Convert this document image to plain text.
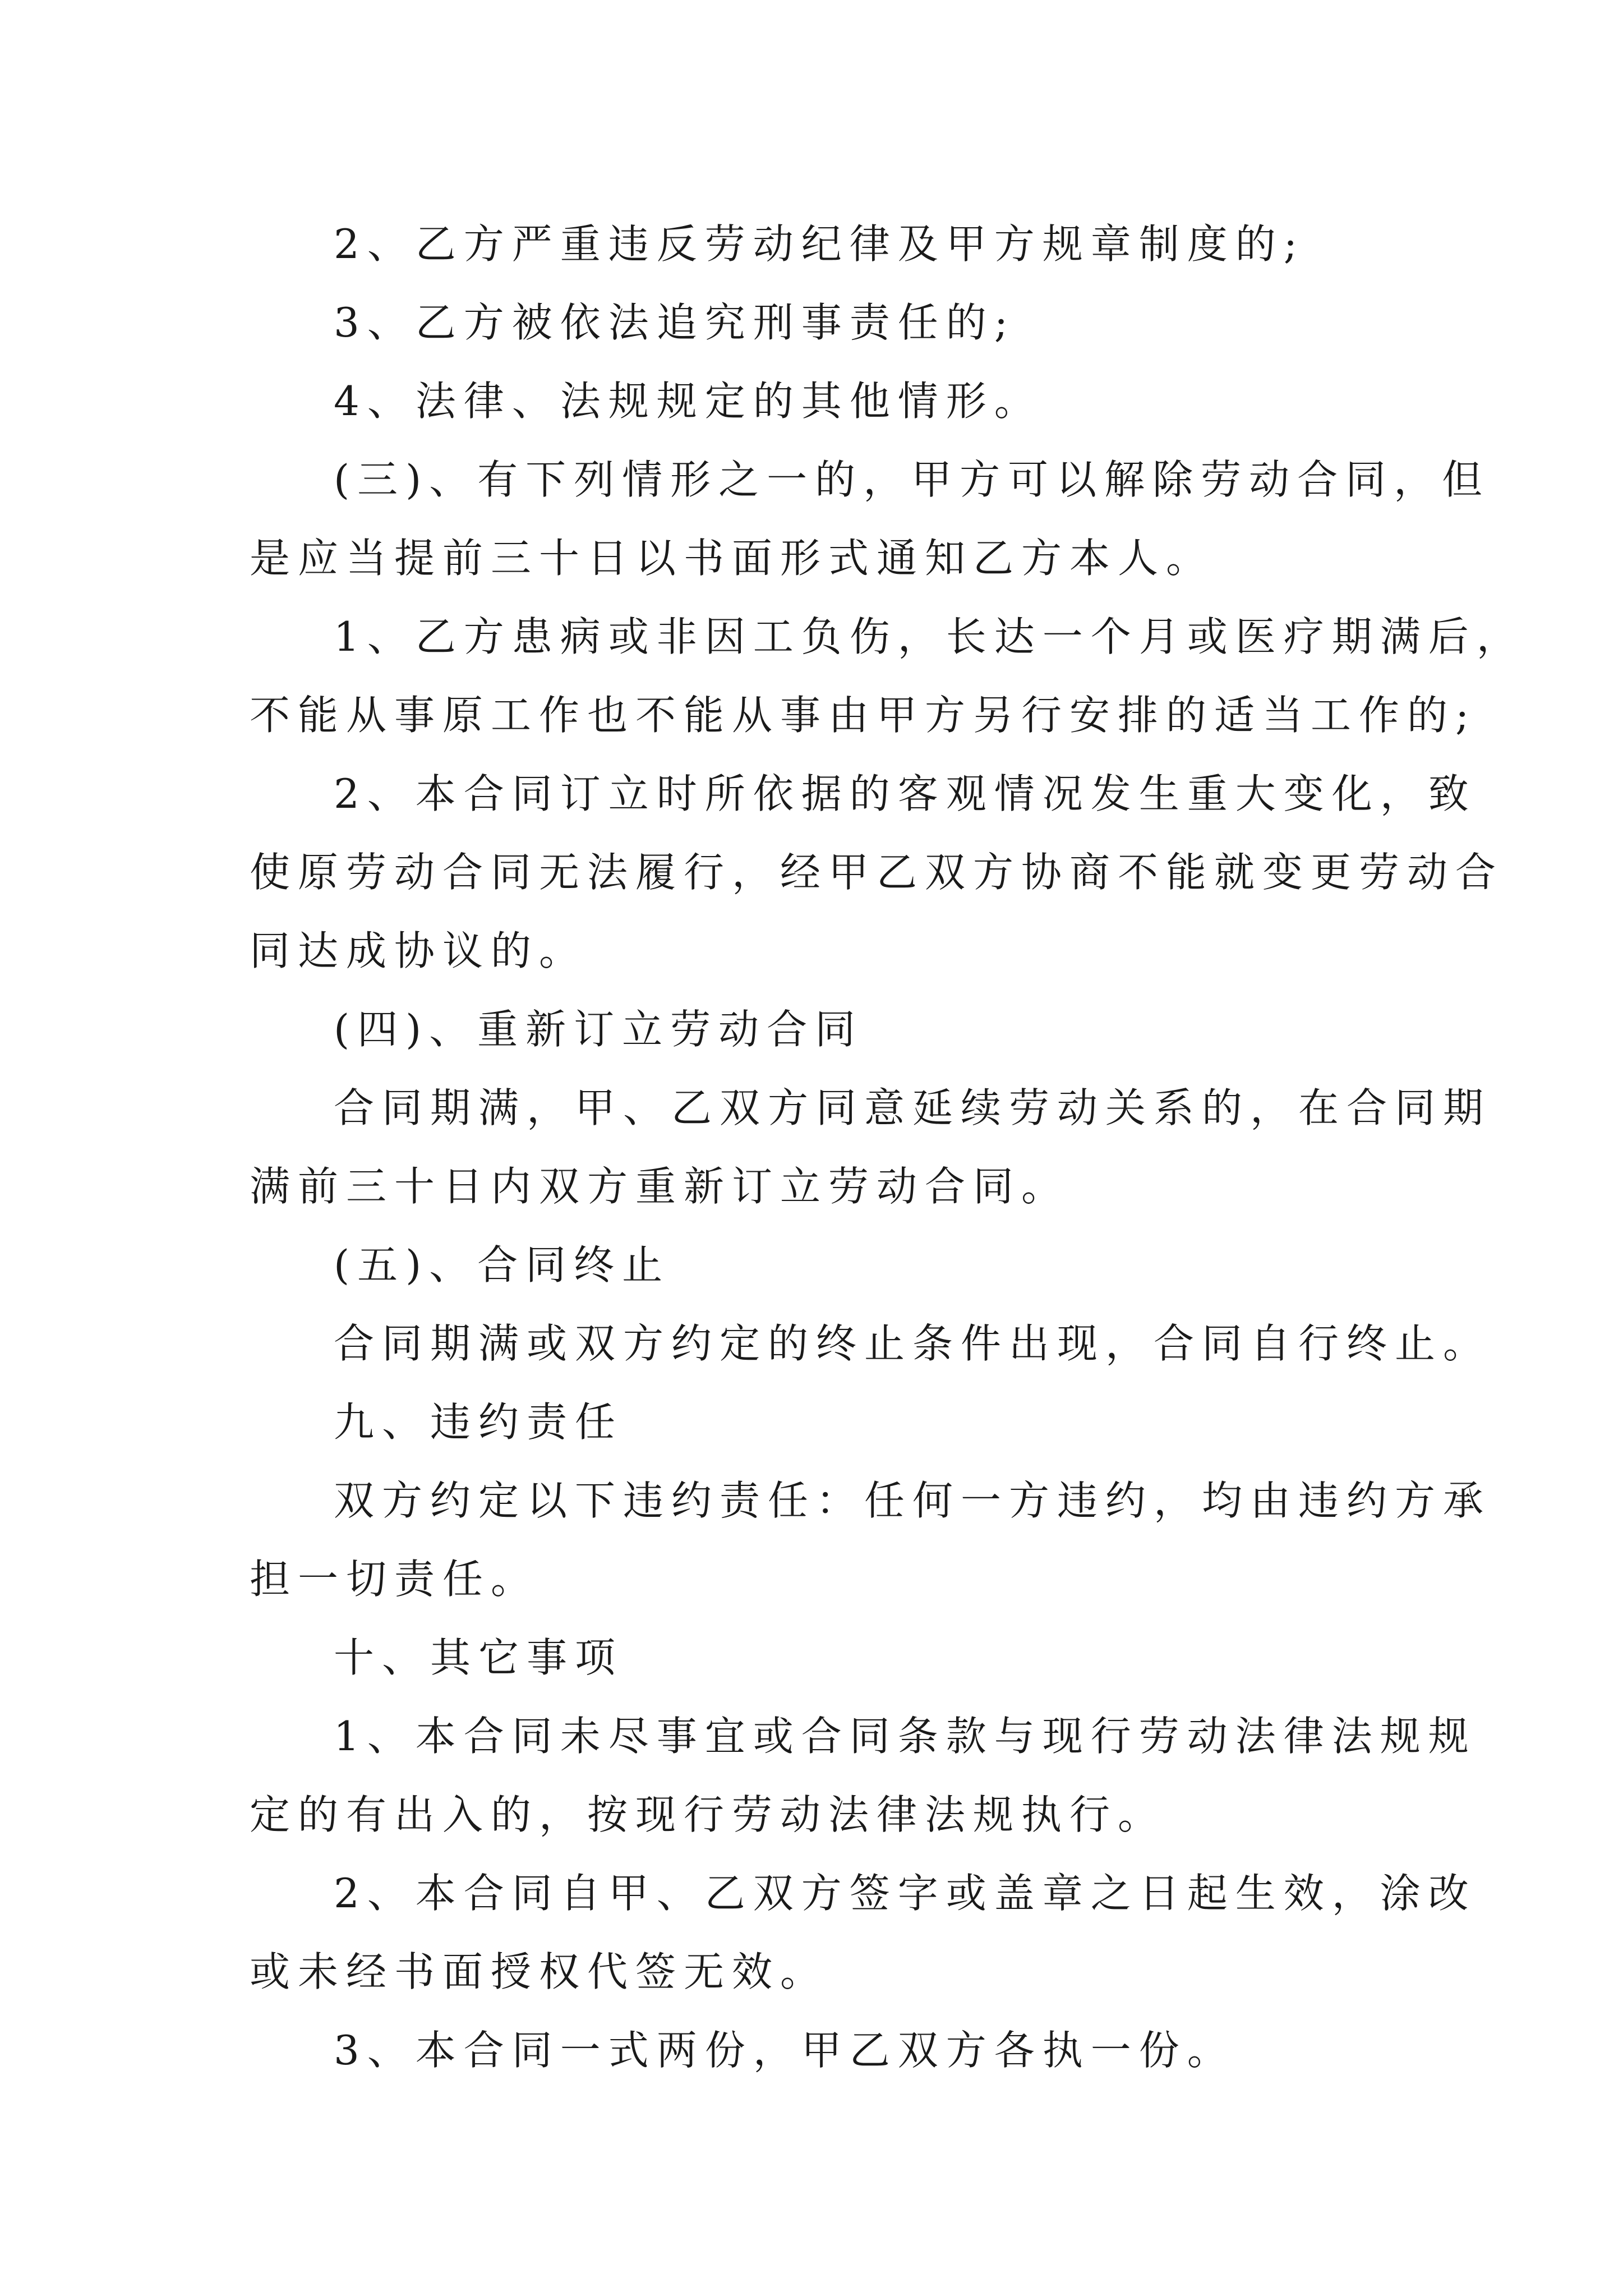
2、乙方严重违反劳动纪律及甲方规章制度的;

3、乙方被依法追究刑事责任的;

4、法律、法规规定的其他情形。

(三)、有下列情形之一的，甲方可以解除劳动合同，但

是应当提前三十日以书面形式通知乙方本人。

1、乙方患病或非因工负伤，长达一个月或医疗期满后，

不能从事原工作也不能从事由甲方另行安排的适当工作的;

2、本合同订立时所依据的客观情况发生重大变化，致

使原劳动合同无法履行，经甲乙双方协商不能就变更劳动合

同达成协议的。

(四)、重新订立劳动合同

合同期满，甲、乙双方同意延续劳动关系的，在合同期

满前三十日内双方重新订立劳动合同。

(五)、合同终止

合同期满或双方约定的终止条件出现，合同自行终止。

九、违约责任

双方约定以下违约责任：任何一方违约，均由违约方承

担一切责任。

十、其它事项

1、本合同未尽事宜或合同条款与现行劳动法律法规规

定的有出入的，按现行劳动法律法规执行。

2、本合同自甲、乙双方签字或盖章之日起生效，涂改

或未经书面授权代签无效。

3、本合同一式两份，甲乙双方各执一份。
